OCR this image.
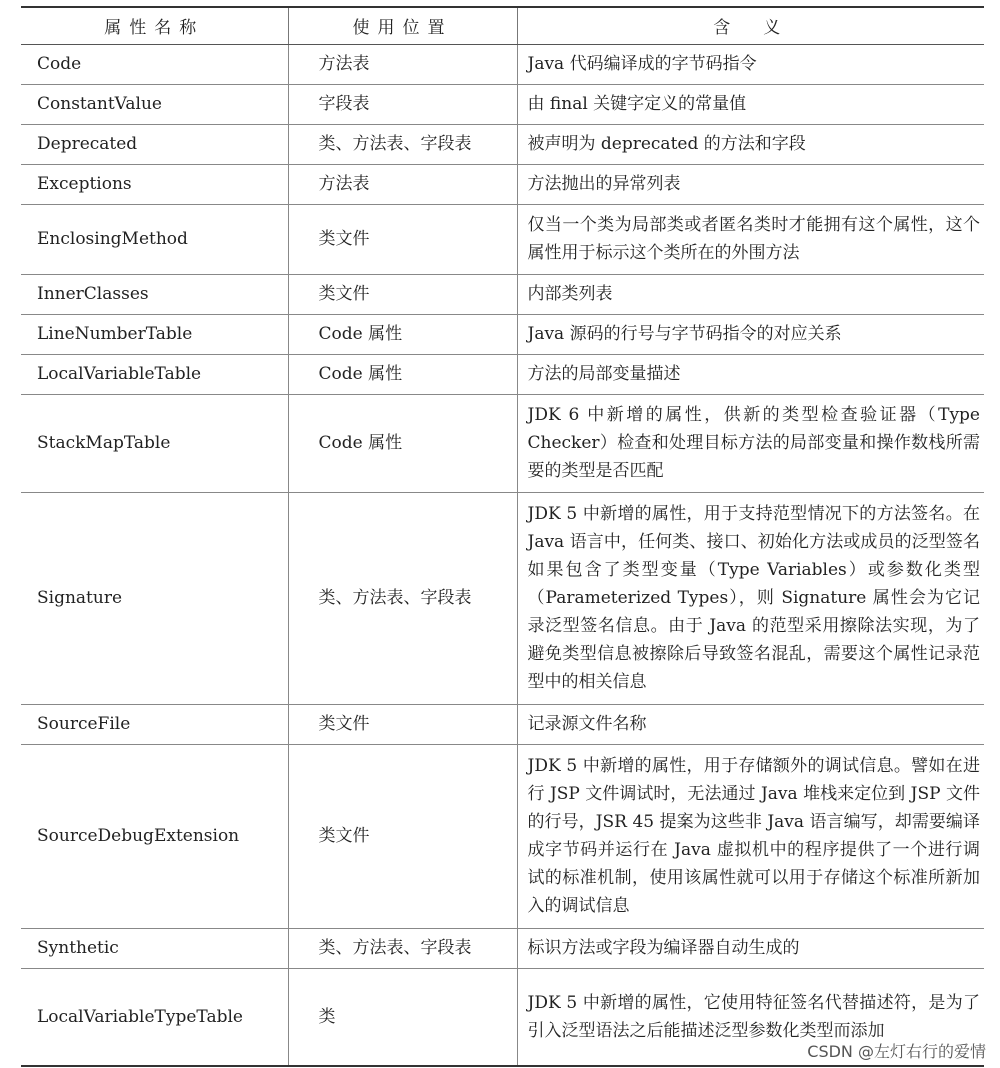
属性名称	使用位置	含　义
Code	方法表	Java 代码编译成的字节码指令
ConstantValue	字段表	由 final 关键字定义的常量值
Deprecated	类、方法表、字段表	被声明为 deprecated 的方法和字段
Exceptions	方法表	方法抛出的异常列表
EnclosingMethod	类文件	仅当一个类为局部类或者匿名类时才能拥有这个属性，这个属性用于标示这个类所在的外围方法
InnerClasses	类文件	内部类列表
LineNumberTable	Code 属性	Java 源码的行号与字节码指令的对应关系
LocalVariableTable	Code 属性	方法的局部变量描述
StackMapTable	Code 属性	JDK 6 中新增的属性，供新的类型检查验证器（Type Checker）检查和处理目标方法的局部变量和操作数栈所需要的类型是否匹配
Signature	类、方法表、字段表	JDK 5 中新增的属性，用于支持范型情况下的方法签名。在 Java 语言中，任何类、接口、初始化方法或成员的泛型签名如果包含了类型变量（Type Variables）或参数化类型（Parameterized Types），则 Signature 属性会为它记录泛型签名信息。由于 Java 的范型采用擦除法实现，为了避免类型信息被擦除后导致签名混乱，需要这个属性记录范型中的相关信息
SourceFile	类文件	记录源文件名称
SourceDebugExtension	类文件	JDK 5 中新增的属性，用于存储额外的调试信息。譬如在进行 JSP 文件调试时，无法通过 Java 堆栈来定位到 JSP 文件的行号，JSR 45 提案为这些非 Java 语言编写，却需要编译成字节码并运行在 Java 虚拟机中的程序提供了一个进行调试的标准机制，使用该属性就可以用于存储这个标准所新加入的调试信息
Synthetic	类、方法表、字段表	标识方法或字段为编译器自动生成的
LocalVariableTypeTable	类	JDK 5 中新增的属性，它使用特征签名代替描述符，是为了引入泛型语法之后能描述泛型参数化类型而添加
CSDN @左灯右行的爱情
